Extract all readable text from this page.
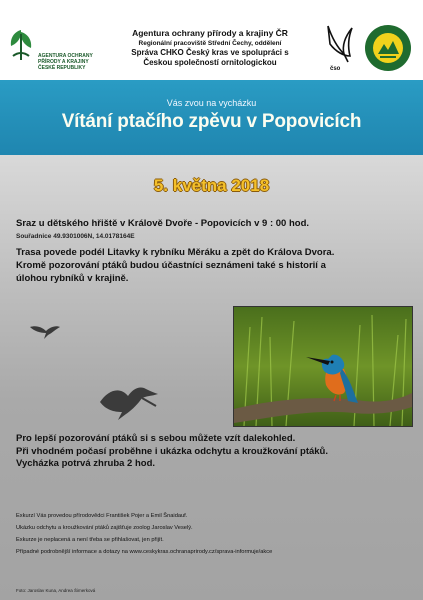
AGENTURA OCHRANY
PŘÍRODY A KRAJINY
ČESKÉ REPUBLIKY
Agentura ochrany přírody a krajiny ČR
Regionální pracoviště Střední Čechy, oddělení
Správa CHKO Český kras ve spolupráci s
Českou společností ornitologickou
čso
Vás zvou na vycházku
Vítání ptačího zpěvu v Popovicích
5. května 2018
Sraz u dětského hřiště v Králově Dvoře - Popovicích v 9 : 00 hod.
Souřadnice 49.9301006N, 14.0178164E
Trasa povede podél Litavky k rybníku Měráku a zpět do Králova Dvora.
Kromě pozorování ptáků budou účastníci seznámeni také s historií a
úlohou rybníků v krajině.
Pro lepší pozorování ptáků si s sebou můžete vzít dalekohled.
Při vhodném počasí proběhne i ukázka odchytu a kroužkování ptáků.
Vycházka potrvá zhruba 2 hod.
Exkurzí Vás provedou přírodovědci František Pojer a Emil Šnaidauf.
Ukázku odchytu a kroužkování ptáků zajišťuje zoolog Jaroslav Veselý.
Exkurze je neplacená a není třeba se přihlašovat, jen přijít.
Případné podrobnější informace a dotazy na www.ceskykras.ochranaprirody.cz/sprava-informuje/akce
Foto: Jaroslav Kuna, Andrea Šimerková
